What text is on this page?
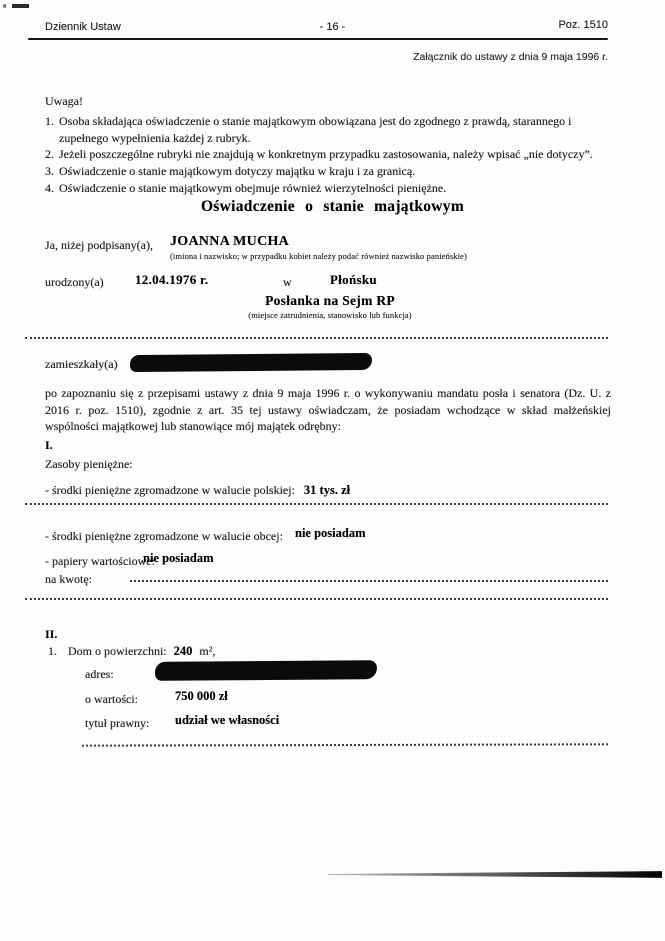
Dziennik Ustaw	- 16 -	Poz. 1510
Załącznik do ustawy z dnia 9 maja 1996 r.
Uwaga!
1. Osoba składająca oświadczenie o stanie majątkowym obowiązana jest do zgodnego z prawdą, starannego i zupełnego wypełnienia każdej z rubryk.
2. Jeżeli poszczególne rubryki nie znajdują w konkretnym przypadku zastosowania, należy wpisać „nie dotyczy”.
3. Oświadczenie o stanie majątkowym dotyczy majątku w kraju i za granicą.
4. Oświadczenie o stanie majątkowym obejmuje również wierzytelności pieniężne.
Oświadczenie o stanie majątkowym
Ja, niżej podpisany(a), JOANNA MUCHA
(imiona i nazwisko; w przypadku kobiet należy podać również nazwisko panieńskie)
urodzony(a) 12.04.1976 r.	w	Płońsku
Posłanka na Sejm RP
(miejsce zatrudnienia, stanowisko lub funkcja)
zamieszkały(a)
po zapoznaniu się z przepisami ustawy z dnia 9 maja 1996 r. o wykonywaniu mandatu posła i senatora (Dz. U. z 2016 r. poz. 1510), zgodnie z art. 35 tej ustawy oświadczam, że posiadam wchodzące w skład małżeńskiej wspólności majątkowej lub stanowiące mój majątek odrębny:
I.
Zasoby pieniężne:
- środki pieniężne zgromadzone w walucie polskiej: 31 tys. zł
- środki pieniężne zgromadzone w walucie obcej: nie posiadam
- papiery wartościowe:
nie posiadam
na kwotę:
II.
1. Dom o powierzchni: 240 m²,
adres:
o wartości:	750 000 zł
tytuł prawny: udział we własności
